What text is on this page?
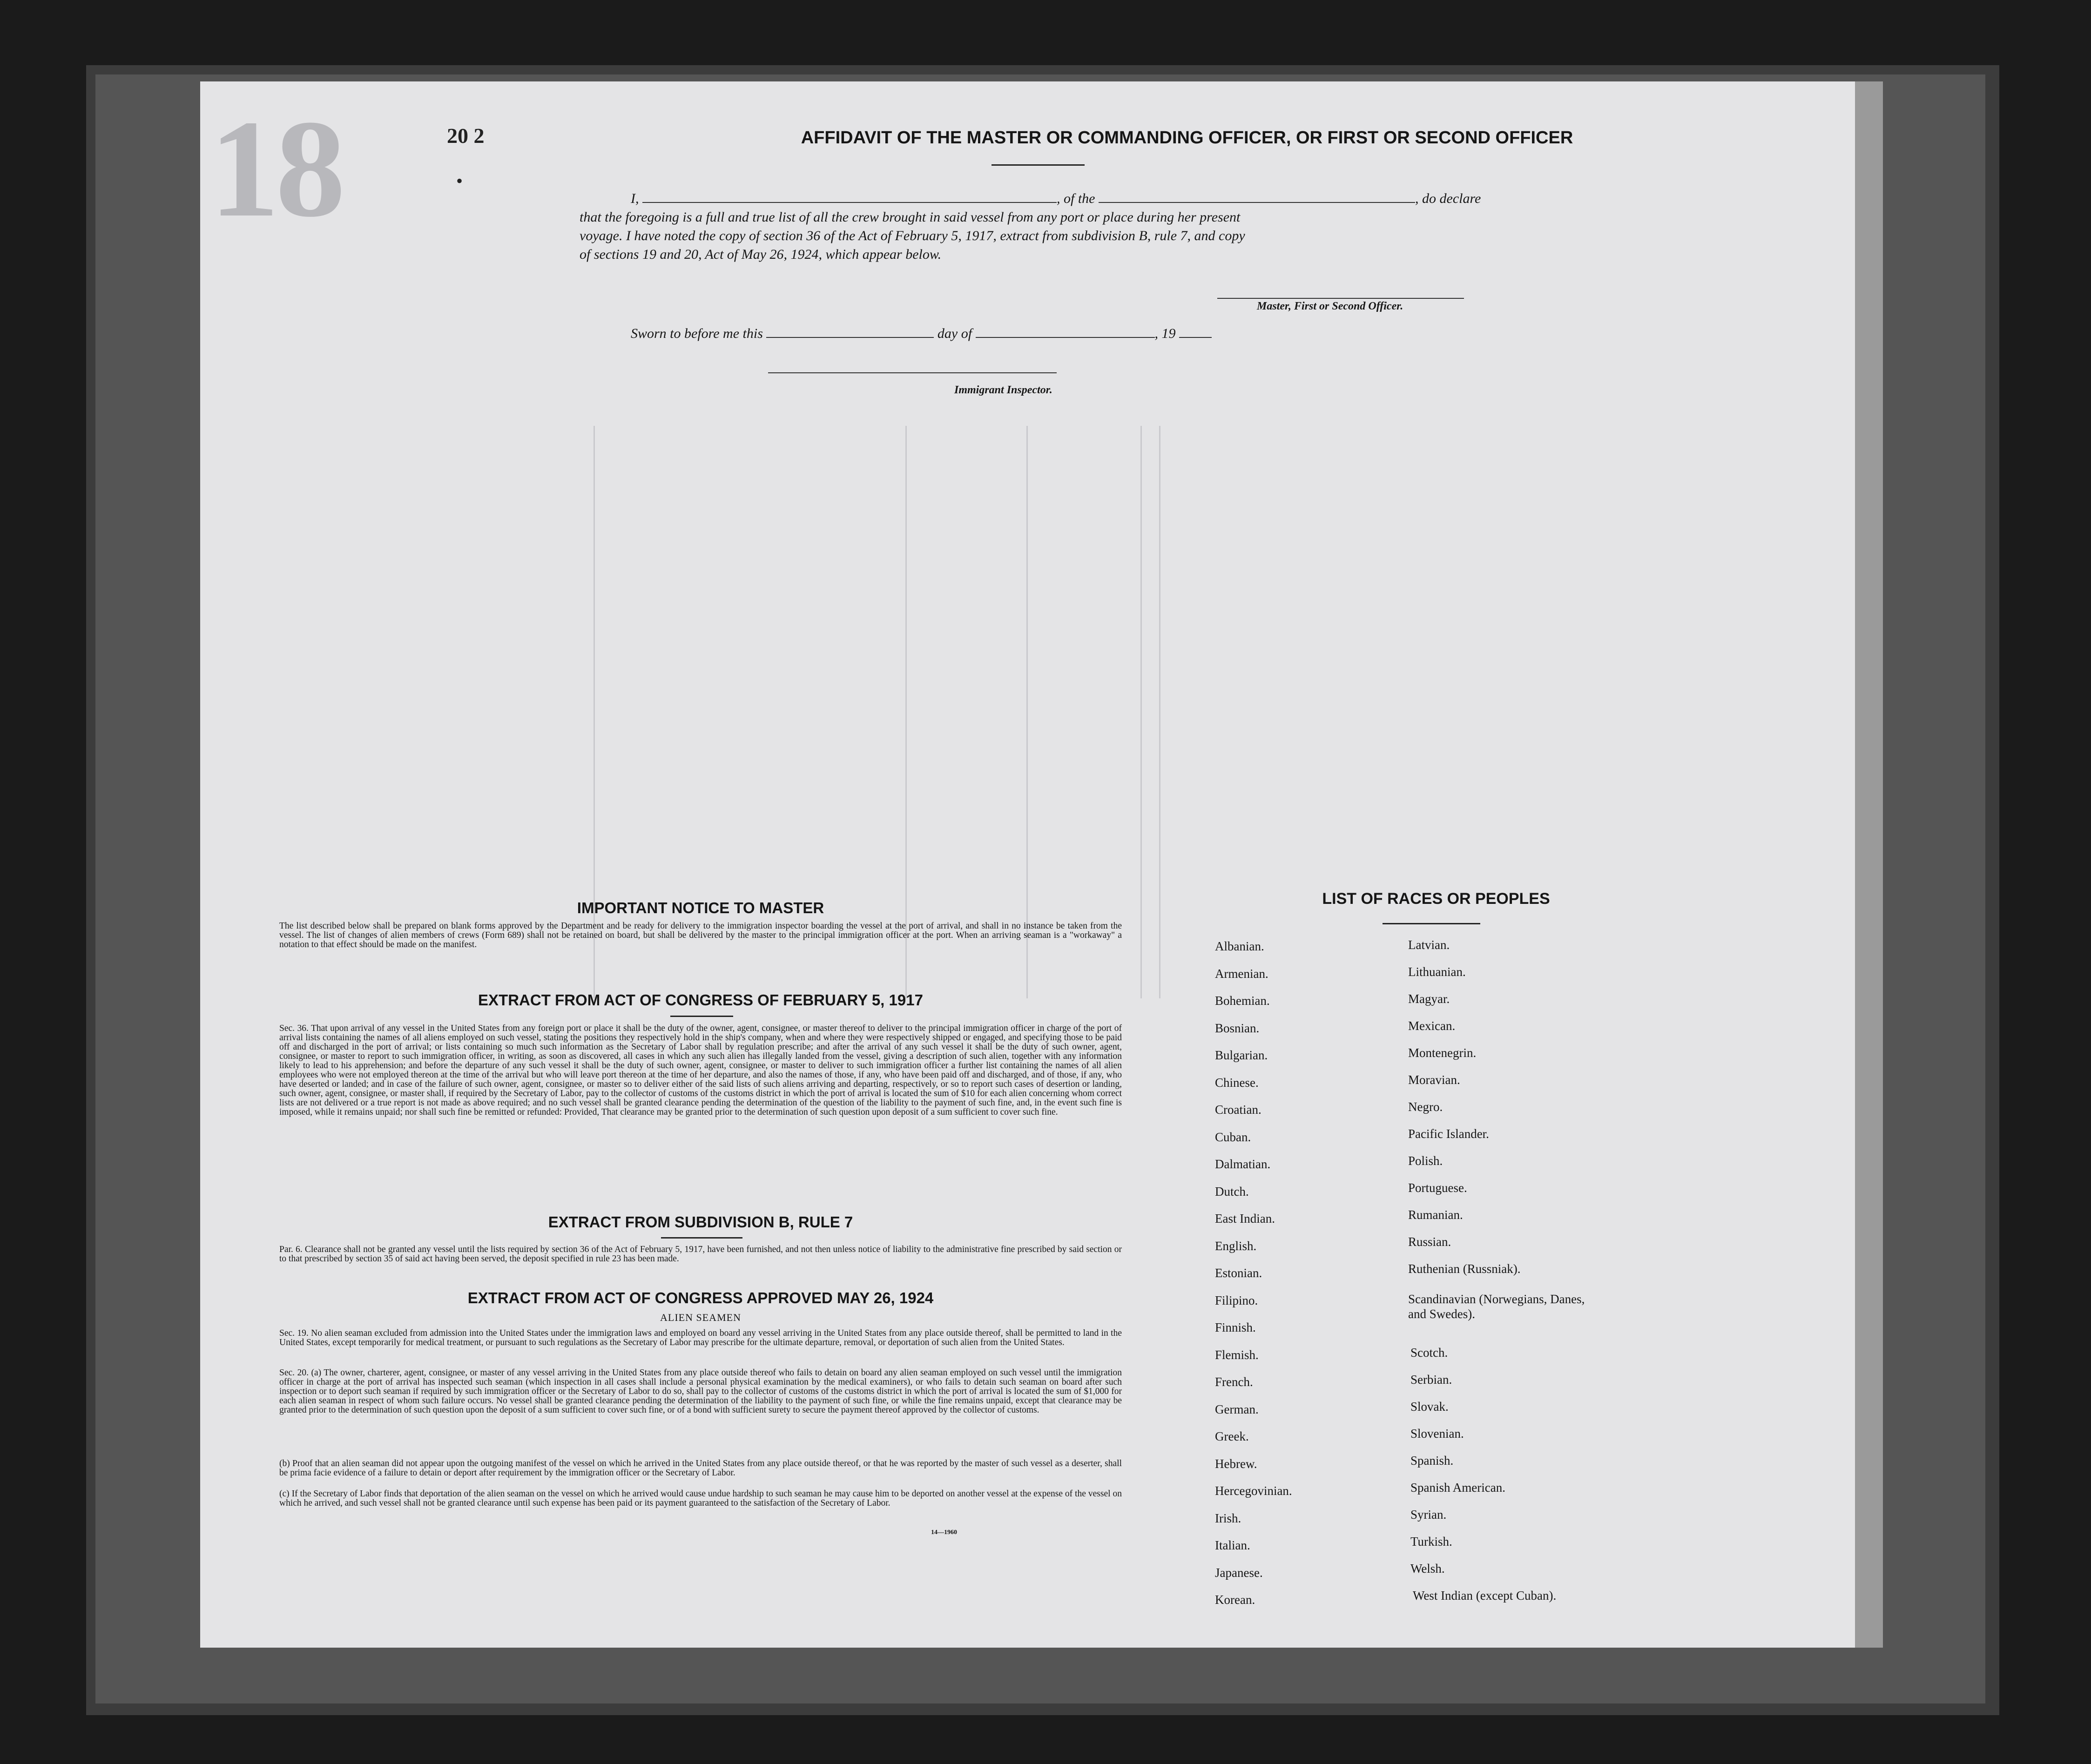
18	20 2
•
AFFIDAVIT OF THE MASTER OR COMMANDING OFFICER, OR FIRST OR SECOND OFFICER
I,	, of the	, do declare
that the foregoing is a full and true list of all the crew brought in said vessel from any port or place during her present
voyage. I have noted the copy of section 36 of the Act of February 5, 1917, extract from subdivision B, rule 7, and copy
of sections 19 and 20, Act of May 26, 1924, which appear below.
Master, First or Second Officer.
Sworn to before me this	day of	, 19
Immigrant Inspector.
IMPORTANT NOTICE TO MASTER
The list described below shall be prepared on blank forms approved by the Department and be ready for delivery to the immigration inspector boarding the vessel at the port of arrival, and shall in no instance be taken from the vessel. The list of changes of alien members of crews (Form 689) shall not be retained on board, but shall be delivered by the master to the principal immigration officer at the port. When an arriving seaman is a "workaway" a notation to that effect should be made on the manifest.
EXTRACT FROM ACT OF CONGRESS OF FEBRUARY 5, 1917
Sec. 36. That upon arrival of any vessel in the United States from any foreign port or place it shall be the duty of the owner, agent, consignee, or master thereof to deliver to the principal immigration officer in charge of the port of arrival lists containing the names of all aliens employed on such vessel, stating the positions they respectively hold in the ship's company, when and where they were respectively shipped or engaged, and specifying those to be paid off and discharged in the port of arrival; or lists containing so much such information as the Secretary of Labor shall by regulation prescribe; and after the arrival of any such vessel it shall be the duty of such owner, agent, consignee, or master to report to such immigration officer, in writing, as soon as discovered, all cases in which any such alien has illegally landed from the vessel, giving a description of such alien, together with any information likely to lead to his apprehension; and before the departure of any such vessel it shall be the duty of such owner, agent, consignee, or master to deliver to such immigration officer a further list containing the names of all alien employees who were not employed thereon at the time of the arrival but who will leave port thereon at the time of her departure, and also the names of those, if any, who have been paid off and discharged, and of those, if any, who have deserted or landed; and in case of the failure of such owner, agent, consignee, or master so to deliver either of the said lists of such aliens arriving and departing, respectively, or so to report such cases of desertion or landing, such owner, agent, consignee, or master shall, if required by the Secretary of Labor, pay to the collector of customs of the customs district in which the port of arrival is located the sum of $10 for each alien concerning whom correct lists are not delivered or a true report is not made as above required; and no such vessel shall be granted clearance pending the determination of the question of the liability to the payment of such fine, and, in the event such fine is imposed, while it remains unpaid; nor shall such fine be remitted or refunded: Provided, That clearance may be granted prior to the determination of such question upon deposit of a sum sufficient to cover such fine.
EXTRACT FROM SUBDIVISION B, RULE 7
Par. 6. Clearance shall not be granted any vessel until the lists required by section 36 of the Act of February 5, 1917, have been furnished, and not then unless notice of liability to the administrative fine prescribed by said section or to that prescribed by section 35 of said act having been served, the deposit specified in rule 23 has been made.
EXTRACT FROM ACT OF CONGRESS APPROVED MAY 26, 1924
ALIEN SEAMEN
Sec. 19. No alien seaman excluded from admission into the United States under the immigration laws and employed on board any vessel arriving in the United States from any place outside thereof, shall be permitted to land in the United States, except temporarily for medical treatment, or pursuant to such regulations as the Secretary of Labor may prescribe for the ultimate departure, removal, or deportation of such alien from the United States.
Sec. 20. (a) The owner, charterer, agent, consignee, or master of any vessel arriving in the United States from any place outside thereof who fails to detain on board any alien seaman employed on such vessel until the immigration officer in charge at the port of arrival has inspected such seaman (which inspection in all cases shall include a personal physical examination by the medical examiners), or who fails to detain such seaman on board after such inspection or to deport such seaman if required by such immigration officer or the Secretary of Labor to do so, shall pay to the collector of customs of the customs district in which the port of arrival is located the sum of $1,000 for each alien seaman in respect of whom such failure occurs. No vessel shall be granted clearance pending the determination of the liability to the payment of such fine, or while the fine remains unpaid, except that clearance may be granted prior to the determination of such question upon the deposit of a sum sufficient to cover such fine, or of a bond with sufficient surety to secure the payment thereof approved by the collector of customs.
(b) Proof that an alien seaman did not appear upon the outgoing manifest of the vessel on which he arrived in the United States from any place outside thereof, or that he was reported by the master of such vessel as a deserter, shall be prima facie evidence of a failure to detain or deport after requirement by the immigration officer or the Secretary of Labor.
(c) If the Secretary of Labor finds that deportation of the alien seaman on the vessel on which he arrived would cause undue hardship to such seaman he may cause him to be deported on another vessel at the expense of the vessel on which he arrived, and such vessel shall not be granted clearance until such expense has been paid or its payment guaranteed to the satisfaction of the Secretary of Labor.
14—1960
LIST OF RACES OR PEOPLES
Albanian.
Armenian.
Bohemian.
Bosnian.
Bulgarian.
Chinese.
Croatian.
Cuban.
Dalmatian.
Dutch.
East Indian.
English.
Estonian.
Filipino.
Finnish.
Flemish.
French.
German.
Greek.
Hebrew.
Hercegovinian.
Irish.
Italian.
Japanese.
Korean.
Latvian.
Lithuanian.
Magyar.
Mexican.
Montenegrin.
Moravian.
Negro.
Pacific Islander.
Polish.
Portuguese.
Rumanian.
Russian.
Ruthenian (Russniak).
Scandinavian (Norwegians, Danes, and Swedes).
Scotch.
Serbian.
Slovak.
Slovenian.
Spanish.
Spanish American.
Syrian.
Turkish.
Welsh.
West Indian (except Cuban).
